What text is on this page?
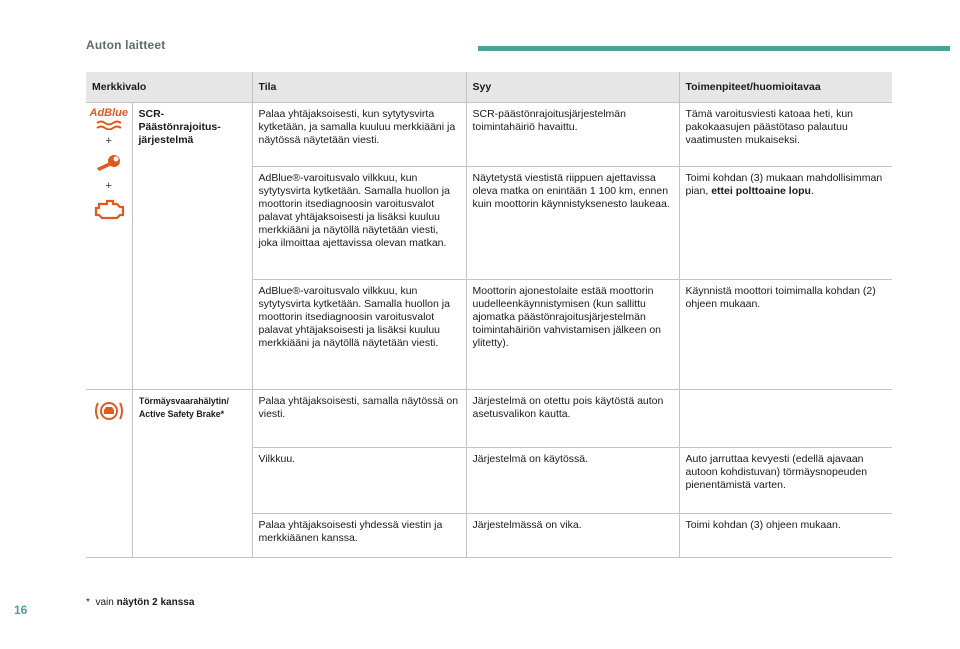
Auton laitteet
Merkkivalo		Tila	Syy	Toimenpiteet/huomioitavaa

AdBlue
+
+	SCR-Päästönrajoitus-järjestelmä	Palaa yhtäjaksoisesti, kun sytytysvirta kytketään, ja samalla kuuluu merkkiääni ja näytössä näytetään viesti.	SCR-päästönrajoitusjärjestelmän toimintahäiriö havaittu.	Tämä varoitusviesti katoaa heti, kun pakokaasujen päästötaso palautuu vaatimusten mukaiseksi.
		AdBlue®-varoitusvalo vilkkuu, kun sytytysvirta kytketään. Samalla huollon ja moottorin itsediagnoosin varoitusvalot palavat yhtäjaksoisesti ja lisäksi kuuluu merkkiääni ja näytöllä näytetään viesti, joka ilmoittaa ajettavissa olevan matkan.	Näytetystä viestistä riippuen ajettavissa oleva matka on enintään 1 100 km, ennen kuin moottorin käynnistyksenesto laukeaa.	Toimi kohdan (3) mukaan mahdollisimman pian, ettei polttoaine lopu.
		AdBlue®-varoitusvalo vilkkuu, kun sytytysvirta kytketään. Samalla huollon ja moottorin itsediagnoosin varoitusvalot palavat yhtäjaksoisesti ja lisäksi kuuluu merkkiääni ja näytöllä näytetään viesti.	Moottorin ajonestolaite estää moottorin uudelleenkäynnistymisen (kun sallittu ajomatka päästönrajoitusjärjestelmän toimintahäiriön vahvistamisen jälkeen on ylitetty).	Käynnistä moottori toimimalla kohdan (2) ohjeen mukaan.

	Törmäysvaarahälytin/ Active Safety Brake*	Palaa yhtäjaksoisesti, samalla näytössä on viesti.	Järjestelmä on otettu pois käytöstä auton asetusvalikon kautta.	
		Vilkkuu.	Järjestelmä on käytössä.	Auto jarruttaa kevyesti (edellä ajavaan autoon kohdistuvan) törmäysnopeuden pienentämistä varten.
		Palaa yhtäjaksoisesti yhdessä viestin ja merkkiäänen kanssa.	Järjestelmässä on vika.	Toimi kohdan (3) ohjeen mukaan.
* vain näytön 2 kanssa
16
